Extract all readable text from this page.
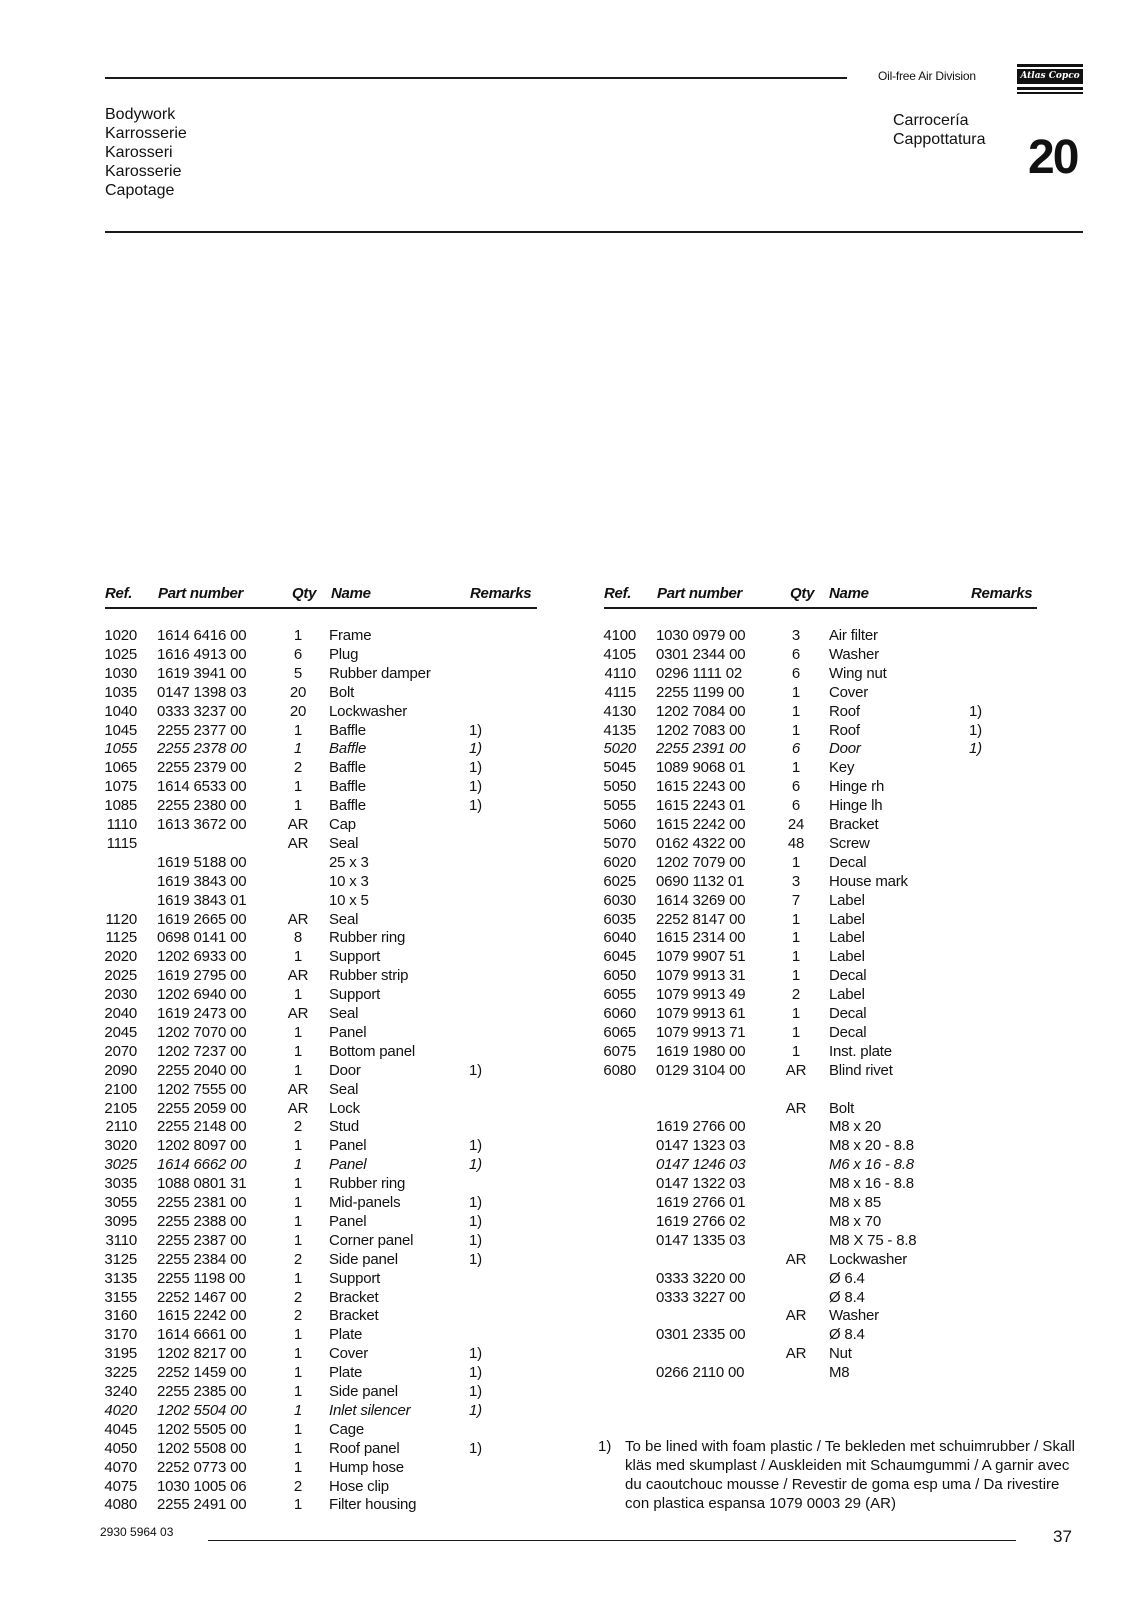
Oil-free Air Division	Atlas Copco
Bodywork
Karrosserie
Karosseri
Karosserie
Capotage
Carrocería
Cappottatura 20
Ref. Part number	Qty Name	Remarks	Ref. Part number	Qty Name	Remarks
1020 1614 6416 00	1	Frame
1025 1616 4913 00	6	Plug
1030 1619 3941 00	5	Rubber damper
1035 0147 1398 03	20	Bolt
1040 0333 3237 00	20	Lockwasher
1045 2255 2377 00	1	Baffle	1)
1055 2255 2378 00	1	Baffle	1)
1065 2255 2379 00	2	Baffle	1)
1075 1614 6533 00	1	Baffle	1)
1085 2255 2380 00	1	Baffle	1)
1110 1613 3672 00	AR	Cap
1115	AR	Seal
1619 5188 00	25 x 3
1619 3843 00	10 x 3
1619 3843 01	10 x 5
1120 1619 2665 00	AR	Seal
1125 0698 0141 00	8	Rubber ring
2020 1202 6933 00	1	Support
2025 1619 2795 00	AR	Rubber strip
2030 1202 6940 00	1	Support
2040 1619 2473 00	AR	Seal
2045 1202 7070 00	1	Panel
2070 1202 7237 00	1	Bottom panel
2090 2255 2040 00	1	Door	1)
2100 1202 7555 00	AR	Seal
2105 2255 2059 00	AR	Lock
2110 2255 2148 00	2	Stud
3020 1202 8097 00	1	Panel	1)
3025 1614 6662 00	1	Panel	1)
3035 1088 0801 31	1	Rubber ring
3055 2255 2381 00	1	Mid-panels	1)
3095 2255 2388 00	1	Panel	1)
3110 2255 2387 00	1	Corner panel	1)
3125 2255 2384 00	2	Side panel	1)
3135 2255 1198 00	1	Support
3155 2252 1467 00	2	Bracket
3160 1615 2242 00	2	Bracket
3170 1614 6661 00	1	Plate
3195 1202 8217 00	1	Cover	1)
3225 2252 1459 00	1	Plate	1)
3240 2255 2385 00	1	Side panel	1)
4020 1202 5504 00	1	Inlet silencer	1)
4045 1202 5505 00	1	Cage
4050 1202 5508 00	1	Roof panel	1)
4070 2252 0773 00	1	Hump hose
4075 1030 1005 06	2	Hose clip
4080 2255 2491 00	1	Filter housing
4100 1030 0979 00	3	Air filter
4105 0301 2344 00	6	Washer
4110 0296 1111 02	6	Wing nut
4115 2255 1199 00	1	Cover
4130 1202 7084 00	1	Roof	1)
4135 1202 7083 00	1	Roof	1)
5020 2255 2391 00	6	Door	1)
5045 1089 9068 01	1	Key
5050 1615 2243 00	6	Hinge rh
5055 1615 2243 01	6	Hinge lh
5060 1615 2242 00	24	Bracket
5070 0162 4322 00	48	Screw
6020 1202 7079 00	1	Decal
6025 0690 1132 01	3	House mark
6030 1614 3269 00	7	Label
6035 2252 8147 00	1	Label
6040 1615 2314 00	1	Label
6045 1079 9907 51	1	Label
6050 1079 9913 31	1	Decal
6055 1079 9913 49	2	Label
6060 1079 9913 61	1	Decal
6065 1079 9913 71	1	Decal
6075 1619 1980 00	1	Inst. plate
6080 0129 3104 00	AR	Blind rivet
AR	Bolt
1619 2766 00	M8 x 20
0147 1323 03	M8 x 20 - 8.8
0147 1246 03	M6 x 16 - 8.8
0147 1322 03	M8 x 16 - 8.8
1619 2766 01	M8 x 85
1619 2766 02	M8 x 70
0147 1335 03	M8 X 75 - 8.8
AR	Lockwasher
0333 3220 00	Ø 6.4
0333 3227 00	Ø 8.4
AR	Washer
0301 2335 00	Ø 8.4
AR	Nut
0266 2110 00	M8
1) To be lined with foam plastic / Te bekleden met schuimrubber / Skall kläs med skumplast / Auskleiden mit Schaumgummi / A garnir avec du caoutchouc mousse / Revestir de goma esp uma / Da rivestire con plastica espansa 1079 0003 29 (AR)
2930 5964 03	37
